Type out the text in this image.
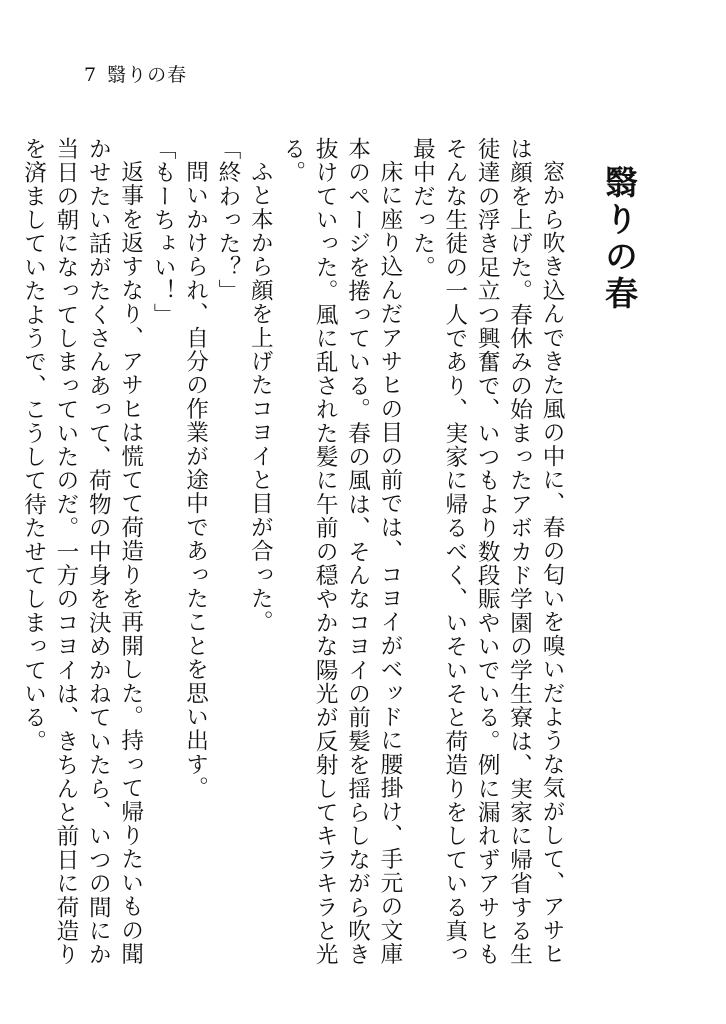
7 翳りの春
翳りの春

窓から吹き込んできた風の中に、春の匂いを嗅いだような気がして、アサヒは顔を上げた。春休みの始まったアボカド学園の学生寮は、実家に帰省する生徒達の浮き足立つ興奮で、いつもより数段賑やいでいる。例に漏れずアサヒもそんな生徒の一人であり、実家に帰るべく、いそいそと荷造りをしている真っ最中だった。

床に座り込んだアサヒの目の前では、コヨイがベッドに腰掛け、手元の文庫本のページを捲っている。春の風は、そんなコヨイの前髪を揺らしながら吹き抜けていった。風に乱された髪に午前の穏やかな陽光が反射してキラキラと光る。

ふと本から顔を上げたコヨイと目が合った。

「終わった？」

問いかけられ、自分の作業が途中であったことを思い出す。

「もーちょい！」

返事を返すなり、アサヒは慌てて荷造りを再開した。持って帰りたいもの聞かせたい話がたくさんあって、荷物の中身を決めかねていたら、いつの間にか当日の朝になってしまっていたのだ。一方のコヨイは、きちんと前日に荷造りを済ましていたようで、こうして待たせてしまっている。
